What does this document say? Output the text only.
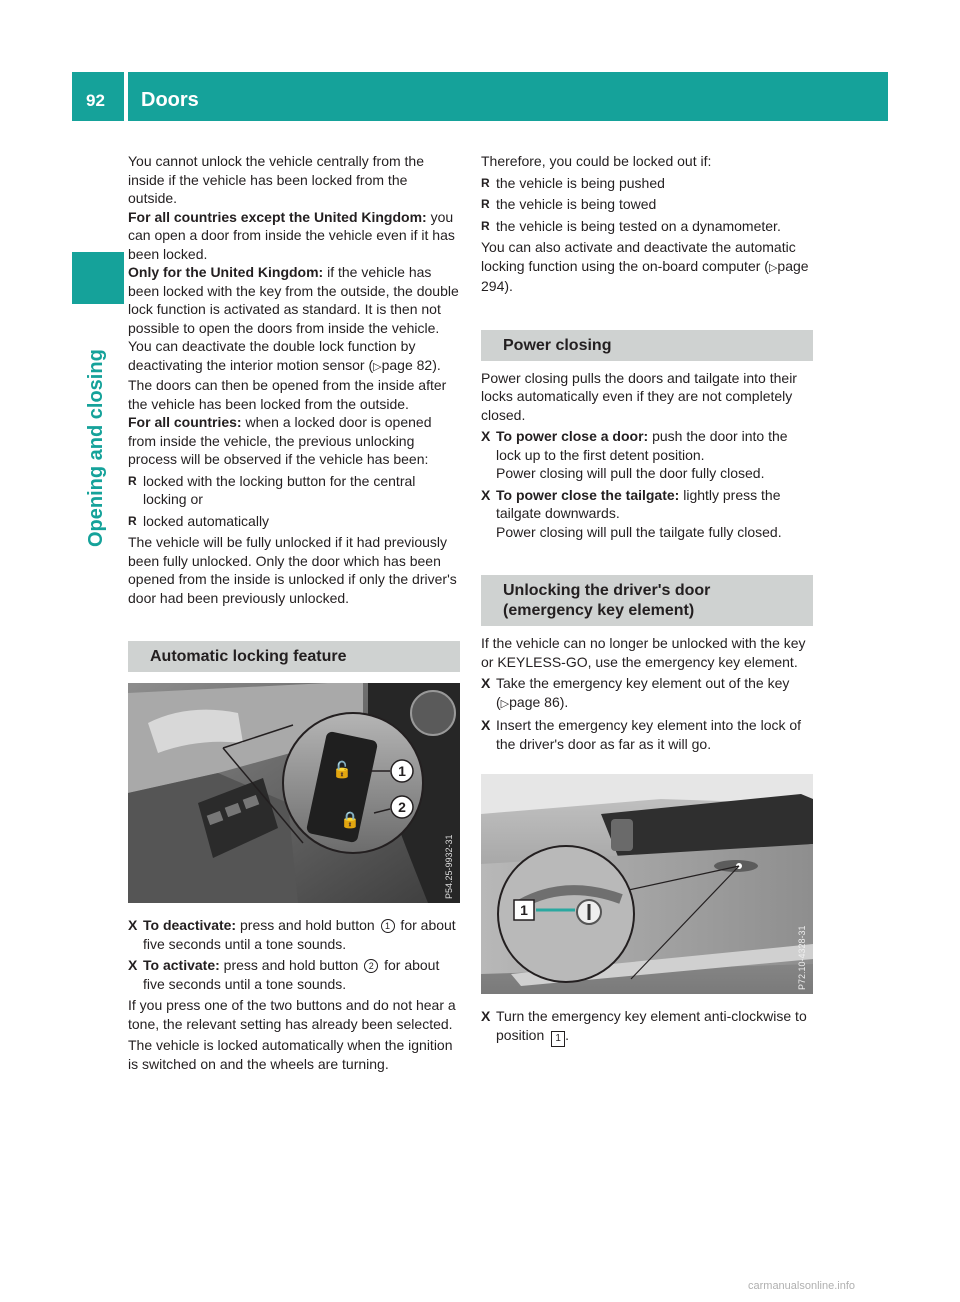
92 Doors
Opening and closing

You cannot unlock the vehicle centrally from the inside if the vehicle has been locked from the outside.

For all countries except the United Kingdom: you can open a door from inside the vehicle even if it has been locked.

Only for the United Kingdom: if the vehicle has been locked with the key from the outside, the double lock function is activated as standard. It is then not possible to open the doors from inside the vehicle. You can deactivate the double lock function by deactivating the interior motion sensor (▷page 82). The doors can then be opened from the inside after the vehicle has been locked from the outside.

For all countries: when a locked door is opened from inside the vehicle, the previous unlocking process will be observed if the vehicle has been:

R locked with the locking button for the central locking or
R locked automatically

The vehicle will be fully unlocked if it had previously been fully unlocked. Only the door which has been opened from the inside is unlocked if only the driver's door had been previously unlocked.

Automatic locking feature
🔓
🔒
1
2
P54.25-9932-31
X To deactivate: press and hold button 1 for about five seconds until a tone sounds.
X To activate: press and hold button 2 for about five seconds until a tone sounds.

If you press one of the two buttons and do not hear a tone, the relevant setting has already been selected.

The vehicle is locked automatically when the ignition is switched on and the wheels are turning.

Therefore, you could be locked out if:

R the vehicle is being pushed
R the vehicle is being towed
R the vehicle is being tested on a dynamometer.

You can also activate and deactivate the automatic locking function using the on-board computer (▷page 294).

Power closing

Power closing pulls the doors and tailgate into their locks automatically even if they are not completely closed.

X To power close a door: push the door into the lock up to the first detent position.
Power closing will pull the door fully closed.
X To power close the tailgate: lightly press the tailgate downwards.
Power closing will pull the tailgate fully closed.
Unlocking the driver's door (emergency key element)

If the vehicle can no longer be unlocked with the key or KEYLESS-GO, use the emergency key element.

X Take the emergency key element out of the key (▷page 86).
X Insert the emergency key element into the lock of the driver's door as far as it will go.
1
P72.10-4328-31
X Turn the emergency key element anti-clockwise to position 1 .
carmanualsonline.info
